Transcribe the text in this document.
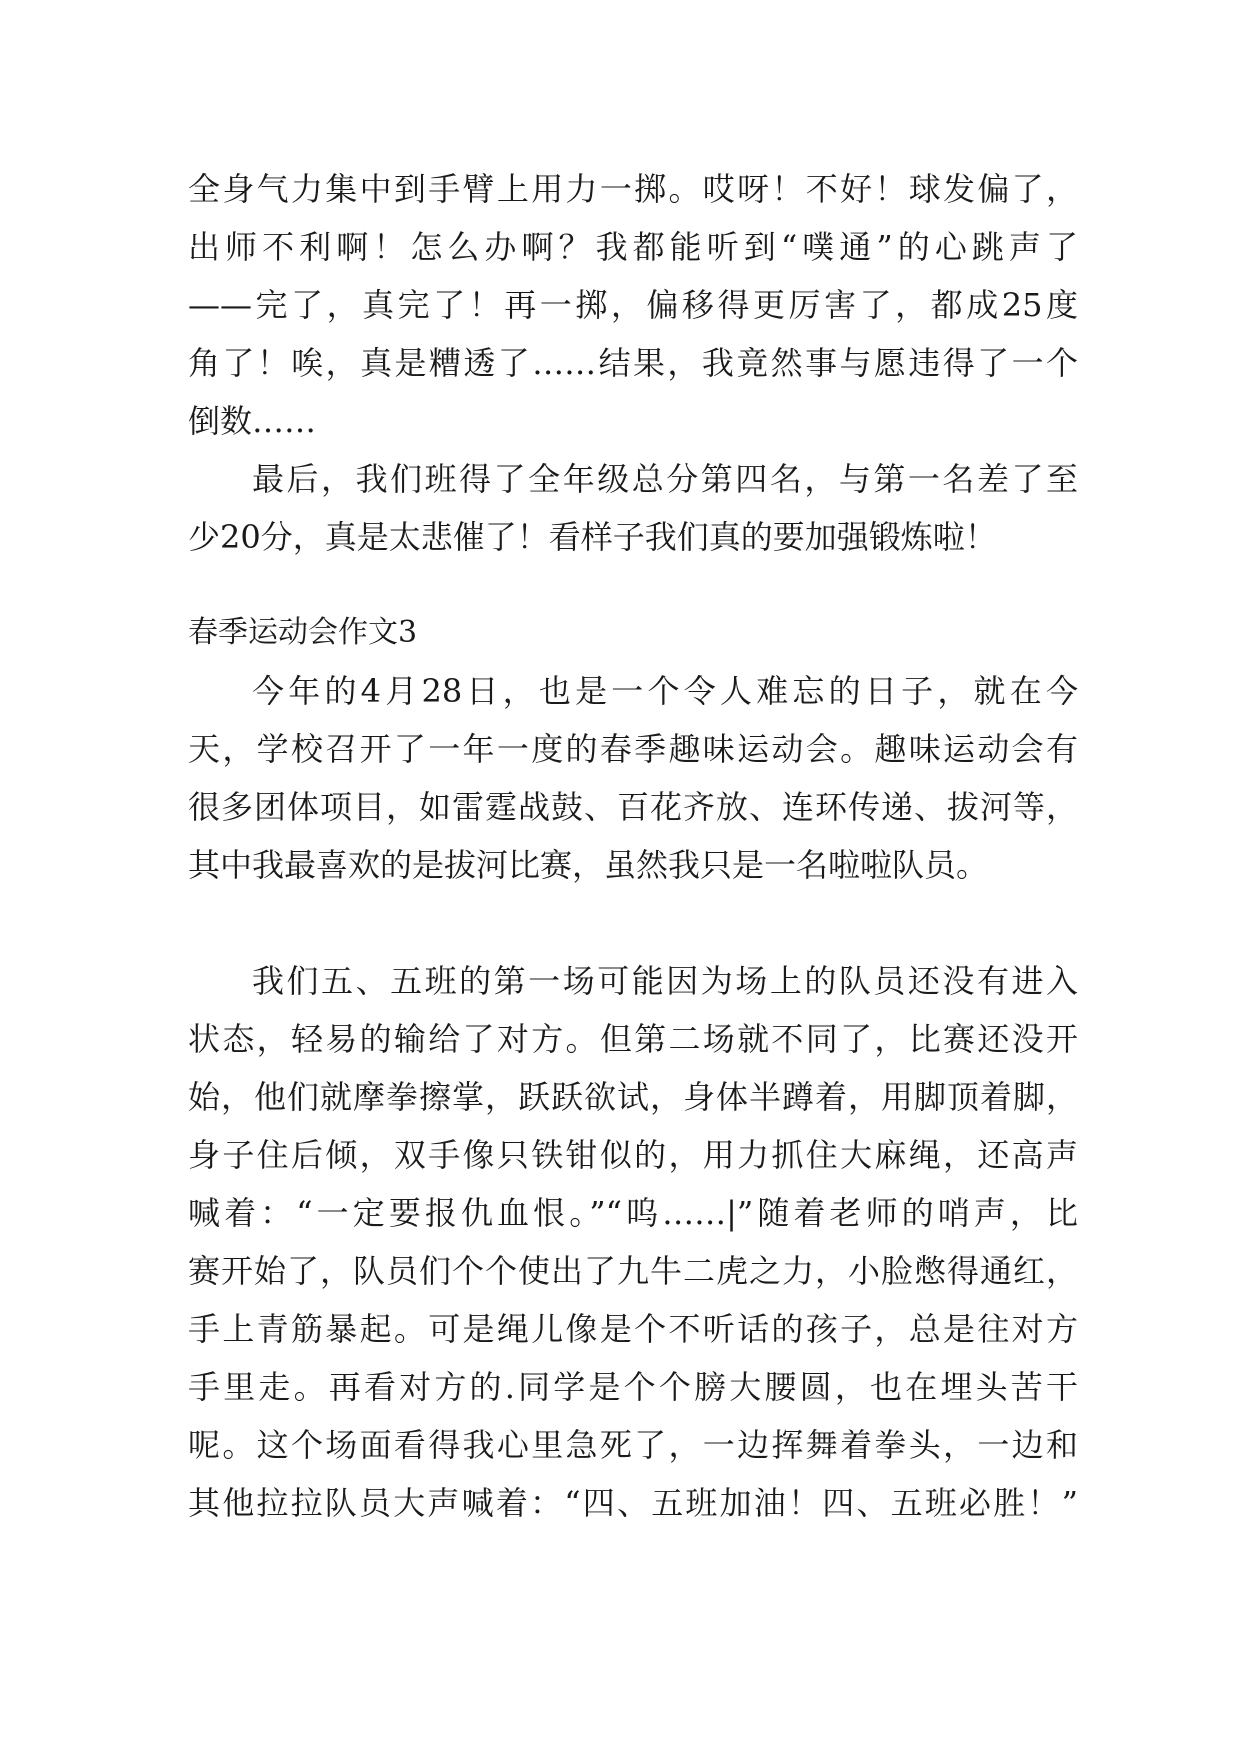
全身气力集中到手臂上用力一掷。哎呀！不好！球发偏了，
出师不利啊！怎么办啊？我都能听到“噗通”的心跳声了
——完了，真完了！再一掷，偏移得更厉害了，都成25度
角了！唉，真是糟透了……结果，我竟然事与愿违得了一个
倒数……
最后，我们班得了全年级总分第四名，与第一名差了至
少20分，真是太悲催了！看样子我们真的要加强锻炼啦！
春季运动会作文3
今年的4月28日，也是一个令人难忘的日子，就在今
天，学校召开了一年一度的春季趣味运动会。趣味运动会有
很多团体项目，如雷霆战鼓、百花齐放、连环传递、拔河等，
其中我最喜欢的是拔河比赛，虽然我只是一名啦啦队员。
我们五、五班的第一场可能因为场上的队员还没有进入
状态，轻易的输给了对方。但第二场就不同了，比赛还没开
始，他们就摩拳擦掌，跃跃欲试，身体半蹲着，用脚顶着脚，
身子住后倾，双手像只铁钳似的，用力抓住大麻绳，还高声
喊着：“一定要报仇血恨。”“呜……|”随着老师的哨声，比
赛开始了，队员们个个使出了九牛二虎之力，小脸憋得通红，
手上青筋暴起。可是绳儿像是个不听话的孩子，总是往对方
手里走。再看对方的.同学是个个膀大腰圆，也在埋头苦干
呢。这个场面看得我心里急死了，一边挥舞着拳头，一边和
其他拉拉队员大声喊着：“四、五班加油！四、五班必胜！”
